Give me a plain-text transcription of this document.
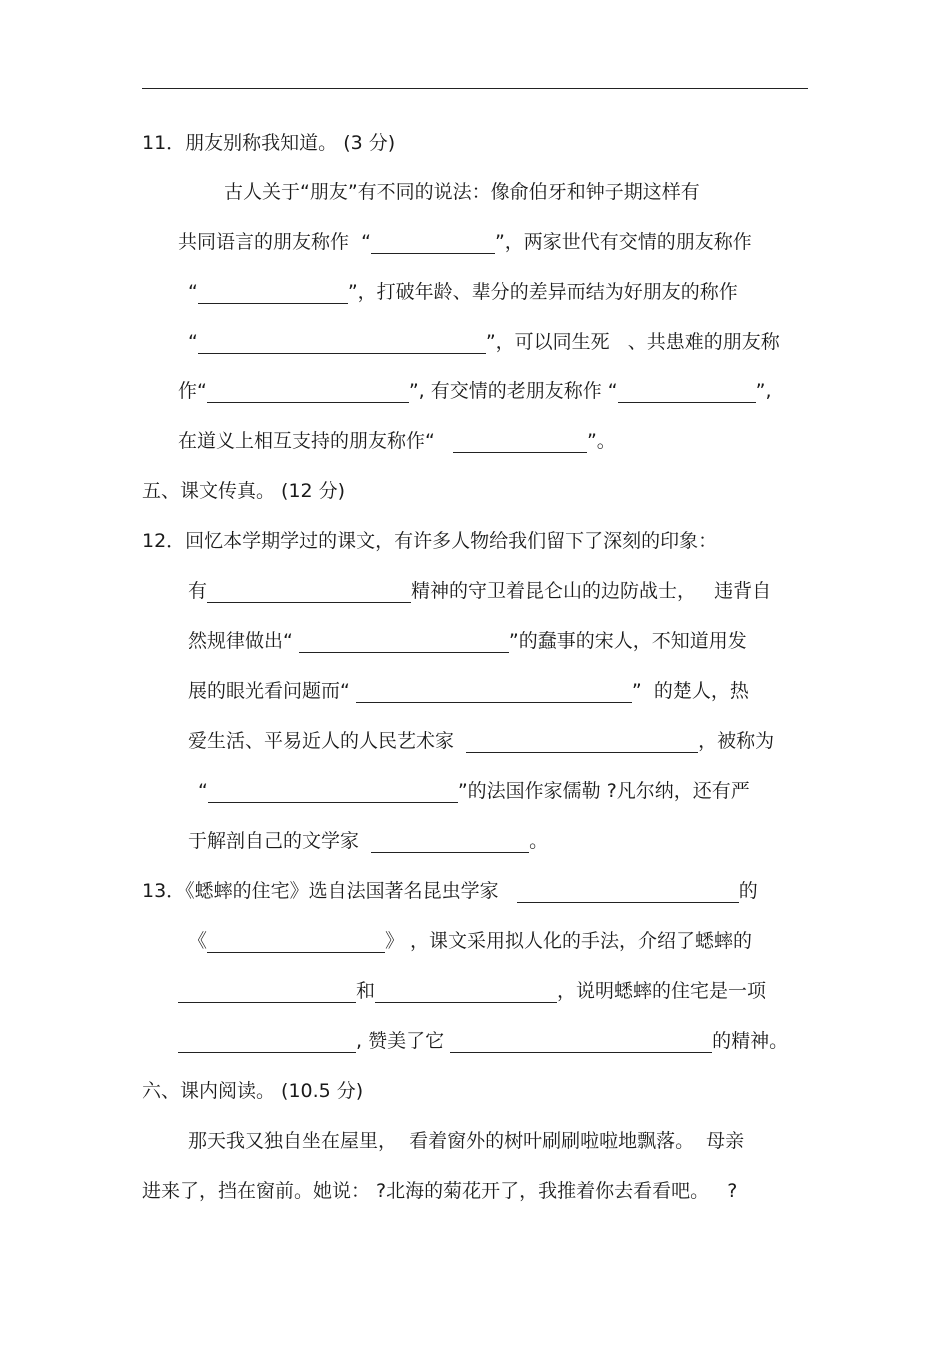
11．朋友别称我知道。 (3 分)
古人关于“朋友”有不同的说法：像俞伯牙和钟子期这样有
共同语言的朋友称作  “	”，两家世代有交情的朋友称作
“	”，打破年龄、辈分的差异而结为好朋友的称作
“	”，可以同生死   、共患难的朋友称
作“	”, 有交情的老朋友称作 “	”,
在道义上相互支持的朋友称作“	”。
五、课文传真。 (12 分)
12．回忆本学期学过的课文，有许多人物给我们留下了深刻的印象：
有	精神的守卫着昆仑山的边防战士，   违背自
然规律做出“	”的蠢事的宋人，不知道用发
展的眼光看问题而“	”  的楚人，热
爱生活、平易近人的人民艺术家	，被称为
“	”的法国作家儒勒 ?凡尔纳，还有严
于解剖自己的文学家	。
13．《蟋蟀的住宅》选自法国著名昆虫学家	的
《	》 ，课文采用拟人化的手法，介绍了蟋蟀的
和	，说明蟋蟀的住宅是一项
, 赞美了它	的精神。
六、课内阅读。 (10.5 分)
那天我又独自坐在屋里，  看着窗外的树叶刷刷啦啦地飘落。  母亲
进来了，挡在窗前。她说： ?北海的菊花开了，我推着你去看看吧。   ?
